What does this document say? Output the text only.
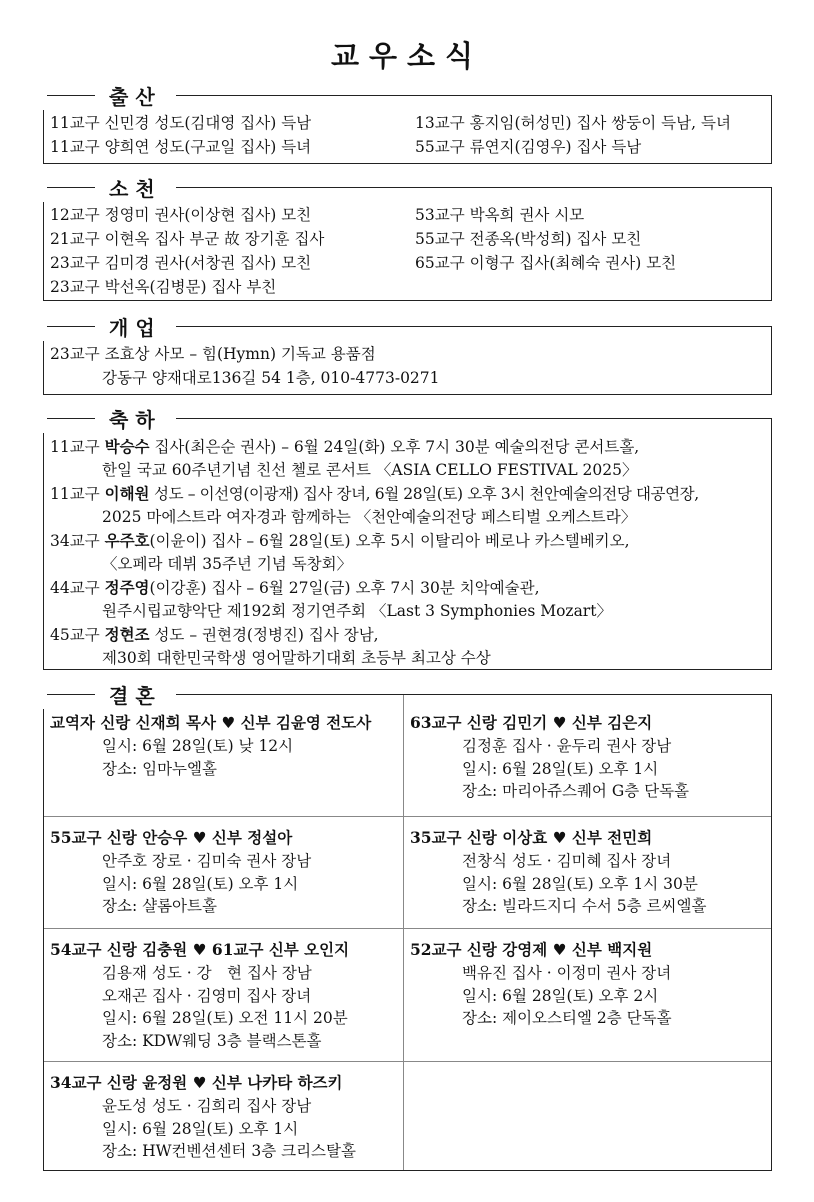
교우소식
출산
11교구 신민경 성도(김대영 집사) 득남
11교구 양희연 성도(구교일 집사) 득녀
13교구 홍지임(허성민) 집사 쌍둥이 득남, 득녀
55교구 류연지(김영우) 집사 득남
소천
12교구 정영미 권사(이상현 집사) 모친
21교구 이현옥 집사 부군 故 장기훈 집사
23교구 김미경 권사(서창권 집사) 모친
23교구 박선옥(김병문) 집사 부친
53교구 박옥희 권사 시모
55교구 전종옥(박성희) 집사 모친
65교구 이형구 집사(최혜숙 권사) 모친
개업
23교구 조효상 사모 – 힘(Hymn) 기독교 용품점
강동구 양재대로136길 54 1층, 010-4773-0271
축하
11교구 박승수 집사(최은순 권사) – 6월 24일(화) 오후 7시 30분 예술의전당 콘서트홀,
한일 국교 60주년기념 친선 첼로 콘서트 〈ASIA CELLO FESTIVAL 2025〉
11교구 이해원 성도 – 이선영(이광재) 집사 장녀, 6월 28일(토) 오후 3시 천안예술의전당 대공연장,
2025 마에스트라 여자경과 함께하는 〈천안예술의전당 페스티벌 오케스트라〉
34교구 우주호(이윤이) 집사 – 6월 28일(토) 오후 5시 이탈리아 베로나 카스텔베키오,
〈오페라 데뷔 35주년 기념 독창회〉
44교구 정주영(이강훈) 집사 – 6월 27일(금) 오후 7시 30분 치악예술관,
원주시립교향악단 제192회 정기연주회 〈Last 3 Symphonies Mozart〉
45교구 정현조 성도 – 권현경(정병진) 집사 장남,
제30회 대한민국학생 영어말하기대회 초등부 최고상 수상
결혼
교역자 신랑 신재희 목사 ♥ 신부 김윤영 전도사
일시: 6월 28일(토) 낮 12시
장소: 임마누엘홀
63교구 신랑 김민기 ♥ 신부 김은지
김정훈 집사 · 윤두리 권사 장남
일시: 6월 28일(토) 오후 1시
장소: 마리아쥬스퀘어 G층 단독홀
55교구 신랑 안승우 ♥ 신부 정설아
안주호 장로 · 김미숙 권사 장남
일시: 6월 28일(토) 오후 1시
장소: 샬롬아트홀
35교구 신랑 이상효 ♥ 신부 전민희
전창식 성도 · 김미혜 집사 장녀
일시: 6월 28일(토) 오후 1시 30분
장소: 빌라드지디 수서 5층 르씨엘홀
54교구 신랑 김충원 ♥ 61교구 신부 오인지
김용재 성도 · 강　현 집사 장남
오재곤 집사 · 김영미 집사 장녀
일시: 6월 28일(토) 오전 11시 20분
장소: KDW웨딩 3층 블랙스톤홀
52교구 신랑 강영제 ♥ 신부 백지원
백유진 집사 · 이정미 권사 장녀
일시: 6월 28일(토) 오후 2시
장소: 제이오스티엘 2층 단독홀
34교구 신랑 윤정원 ♥ 신부 나카타 하즈키
윤도성 성도 · 김희리 집사 장남
일시: 6월 28일(토) 오후 1시
장소: HW컨벤션센터 3층 크리스탈홀
